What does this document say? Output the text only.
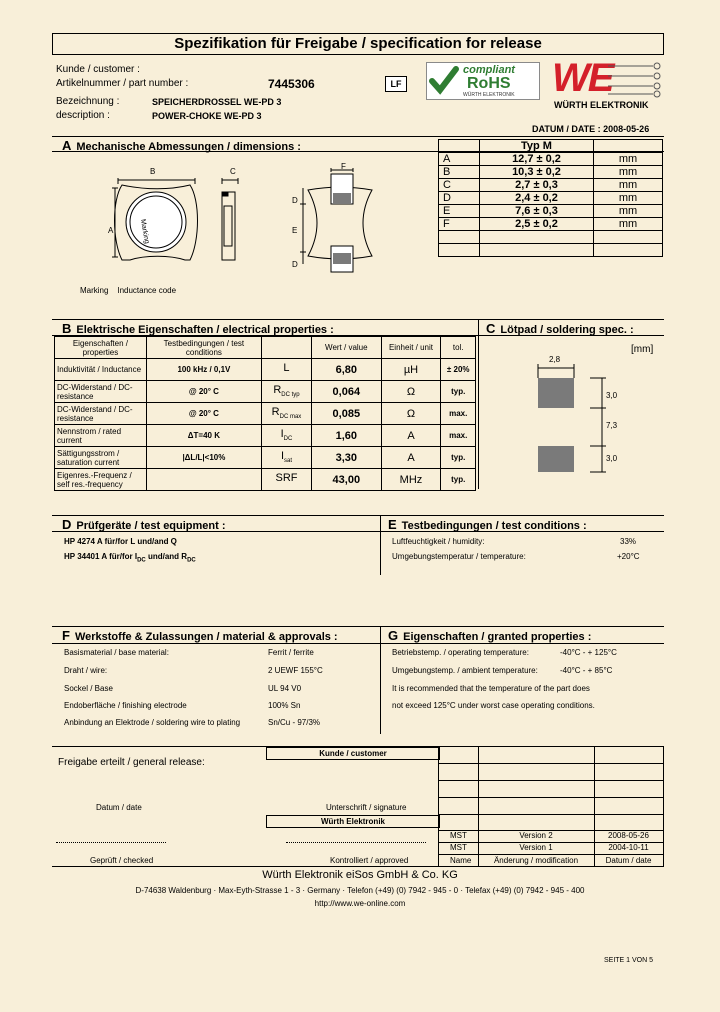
Spezifikation für Freigabe / specification for release
Kunde / customer :
Artikelnummer / part number :	7445306	LF
Bezeichnung :	SPEICHERDROSSEL WE-PD 3
description :	POWER-CHOKE WE-PD 3
compliant
RoHS
WÜRTH ELEKTRONIK WE
WÜRTH ELEKTRONIK
DATUM / DATE : 2008-05-26
A Mechanische Abmessungen / dimensions :
B
A
C
F
D
E
D
Marking
Marking    Inductance code
	Typ M	
A	12,7 ± 0,2	mm
B	10,3 ± 0,2	mm
C	2,7 ± 0,3	mm
D	2,4 ± 0,2	mm
E	7,6 ± 0,3	mm
F	2,5 ± 0,2	mm

B Elektrische Eigenschaften / electrical properties :	C Lötpad / soldering spec. :
Eigenschaften / properties	Testbedingungen / test conditions		Wert / value	Einheit / unit	tol.
Induktivität / Inductance	100 kHz / 0,1V	L	6,80	µH	± 20%
DC-Widerstand / DC-resistance	@ 20° C	$R_{DC typ}$	0,064	Ω	typ.
DC-Widerstand / DC-resistance	@ 20° C	$R_{DC max}$	0,085	Ω	max.
Nennstrom / rated current	ΔT=40 K	$I_{DC}$	1,60	A	max.
Sättigungsstrom / saturation current	|ΔL/L|<10%	$I_{sat}$	3,30	A	typ.
Eigenres.-Frequenz / self res.-frequency		SRF	43,00	MHz	typ.
[mm]
2,8
3,0
7,3
3,0
D Prüfgeräte / test equipment :	E Testbedingungen / test conditions :
HP 4274 A für/for L und/and Q
HP 34401 A für/for $I_{DC}$ und/and $R_{DC}$
Luftfeuchtigkeit / humidity:	33%
Umgebungstemperatur / temperature:	+20°C
F Werkstoffe & Zulassungen / material & approvals :	G Eigenschaften / granted properties :
Basismaterial / base material:	Ferrit / ferrite
Draht / wire:	2 UEWF 155°C
Sockel / Base	UL 94 V0
Endoberfläche / finishing electrode	100% Sn
Anbindung an Elektrode / soldering wire to plating	Sn/Cu - 97/3%
Betriebstemp. / operating temperature:	-40°C - + 125°C
Umgebungstemp. / ambient temperature:	-40°C - + 85°C
It is recommended that the temperature of the part does
not exceed 125°C under worst case operating conditions.
Freigabe erteilt / general release:
Kunde / customer
Datum / date	Unterschrift / signature
Würth Elektronik
Geprüft / checked	Kontrolliert / approved
MST	Version 2	2008-05-26
MST	Version 1	2004-10-11
Name	Änderung / modification	Datum / date
Würth Elektronik eiSos GmbH & Co. KG
D-74638 Waldenburg · Max-Eyth-Strasse 1 - 3 · Germany · Telefon (+49) (0) 7942 - 945 - 0 · Telefax (+49) (0) 7942 - 945 - 400
http://www.we-online.com
SEITE 1 VON 5
